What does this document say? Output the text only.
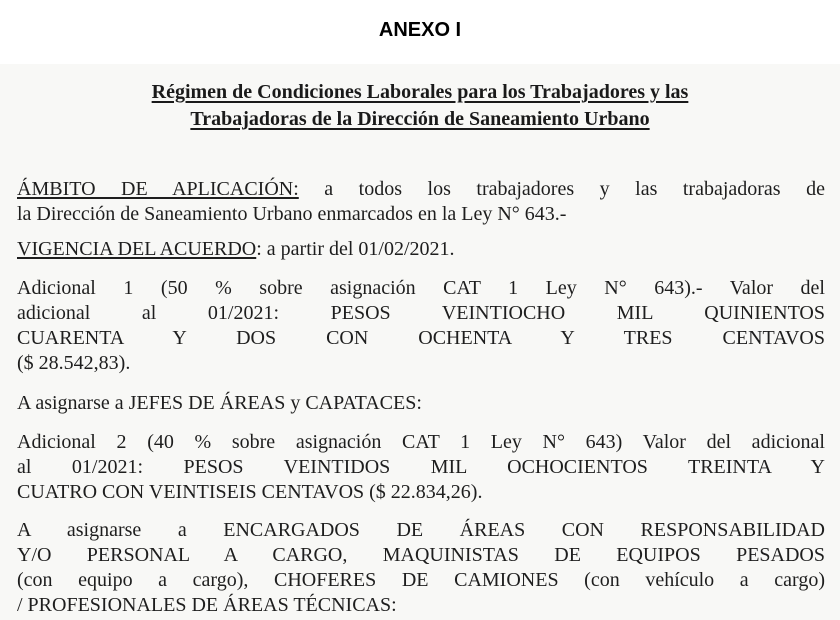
ANEXO I
Régimen de Condiciones Laborales para los Trabajadores y las
Trabajadoras de la Dirección de Saneamiento Urbano
ÁMBITO DE APLICACIÓN: a todos los trabajadores y las trabajadoras de
la Dirección de Saneamiento Urbano enmarcados en la Ley N° 643.-
VIGENCIA DEL ACUERDO: a partir del 01/02/2021.
Adicional 1 (50 % sobre asignación CAT 1 Ley N° 643).- Valor del
adicional al 01/2021: PESOS VEINTIOCHO MIL QUINIENTOS
CUARENTA Y DOS CON OCHENTA Y TRES CENTAVOS
($ 28.542,83).
A asignarse a JEFES DE ÁREAS y CAPATACES:
Adicional 2 (40 % sobre asignación CAT 1 Ley N° 643) Valor del adicional
al 01/2021: PESOS VEINTIDOS MIL OCHOCIENTOS TREINTA Y
CUATRO CON VEINTISEIS CENTAVOS ($ 22.834,26).
A asignarse a ENCARGADOS DE ÁREAS CON RESPONSABILIDAD
Y/O PERSONAL A CARGO, MAQUINISTAS DE EQUIPOS PESADOS
(con equipo a cargo), CHOFERES DE CAMIONES (con vehículo a cargo)
/ PROFESIONALES DE ÁREAS TÉCNICAS:
